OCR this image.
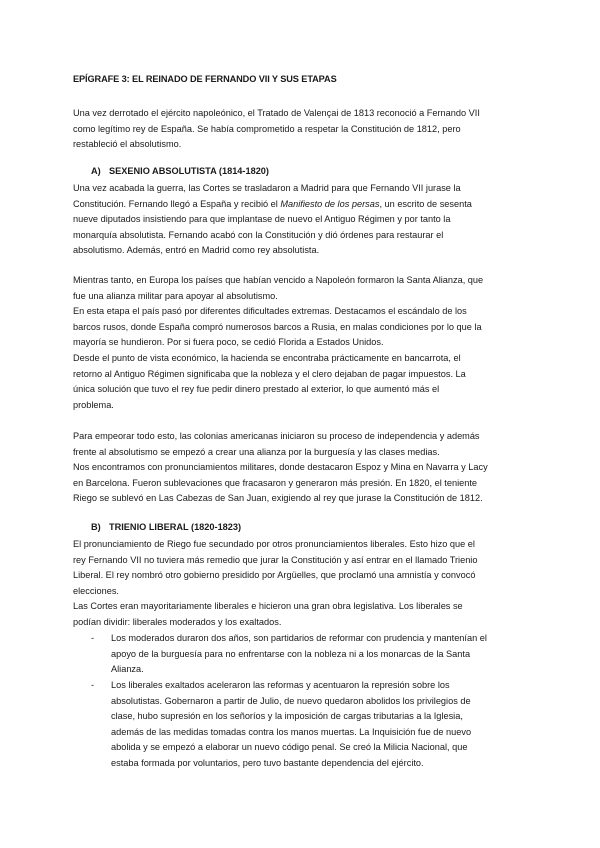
EPÍGRAFE 3: EL REINADO DE FERNANDO VII Y SUS ETAPAS

Una vez derrotado el ejército napoleónico, el Tratado de Valençai de 1813 reconoció a Fernando VII

como legítimo rey de España. Se había comprometido a respetar la Constitución de 1812, pero

restableció el absolutismo.

A) SEXENIO ABSOLUTISTA (1814-1820)

Una vez acabada la guerra, las Cortes se trasladaron a Madrid para que Fernando VII jurase la

Constitución. Fernando llegó a España y recibió el Manifiesto de los persas, un escrito de sesenta

nueve diputados insistiendo para que implantase de nuevo el Antiguo Régimen y por tanto la

monarquía absolutista. Fernando acabó con la Constitución y dió órdenes para restaurar el

absolutismo. Además, entró en Madrid como rey absolutista.

Mientras tanto, en Europa los países que habían vencido a Napoleón formaron la Santa Alianza, que

fue una alianza militar para apoyar al absolutismo.

En esta etapa el país pasó por diferentes dificultades extremas. Destacamos el escándalo de los

barcos rusos, donde España compró numerosos barcos a Rusia, en malas condiciones por lo que la

mayoría se hundieron. Por si fuera poco, se cedió Florida a Estados Unidos.

Desde el punto de vista económico, la hacienda se encontraba prácticamente en bancarrota, el

retorno al Antiguo Régimen significaba que la nobleza y el clero dejaban de pagar impuestos. La

única solución que tuvo el rey fue pedir dinero prestado al exterior, lo que aumentó más el

problema.

Para empeorar todo esto, las colonias americanas iniciaron su proceso de independencia y además

frente al absolutismo se empezó a crear una alianza por la burguesía y las clases medias.

Nos encontramos con pronunciamientos militares, donde destacaron Espoz y Mina en Navarra y Lacy

en Barcelona. Fueron sublevaciones que fracasaron y generaron más presión. En 1820, el teniente

Riego se sublevó en Las Cabezas de San Juan, exigiendo al rey que jurase la Constitución de 1812.

B) TRIENIO LIBERAL (1820-1823)

El pronunciamiento de Riego fue secundado por otros pronunciamientos liberales. Esto hizo que el

rey Fernando VII no tuviera más remedio que jurar la Constitución y así entrar en el llamado Trienio

Liberal. El rey nombró otro gobierno presidido por Argüelles, que proclamó una amnistía y convocó

elecciones.

Las Cortes eran mayoritariamente liberales e hicieron una gran obra legislativa. Los liberales se

podían dividir: liberales moderados y los exaltados.

- Los moderados duraron dos años, son partidarios de reformar con prudencia y mantenían el

apoyo de la burguesía para no enfrentarse con la nobleza ni a los monarcas de la Santa

Alianza.

- Los liberales exaltados aceleraron las reformas y acentuaron la represión sobre los

absolutistas. Gobernaron a partir de Julio, de nuevo quedaron abolidos los privilegios de

clase, hubo supresión en los señoríos y la imposición de cargas tributarias a la Iglesia,

además de las medidas tomadas contra los manos muertas. La Inquisición fue de nuevo

abolida y se empezó a elaborar un nuevo código penal. Se creó la Milicia Nacional, que

estaba formada por voluntarios, pero tuvo bastante dependencia del ejército.
